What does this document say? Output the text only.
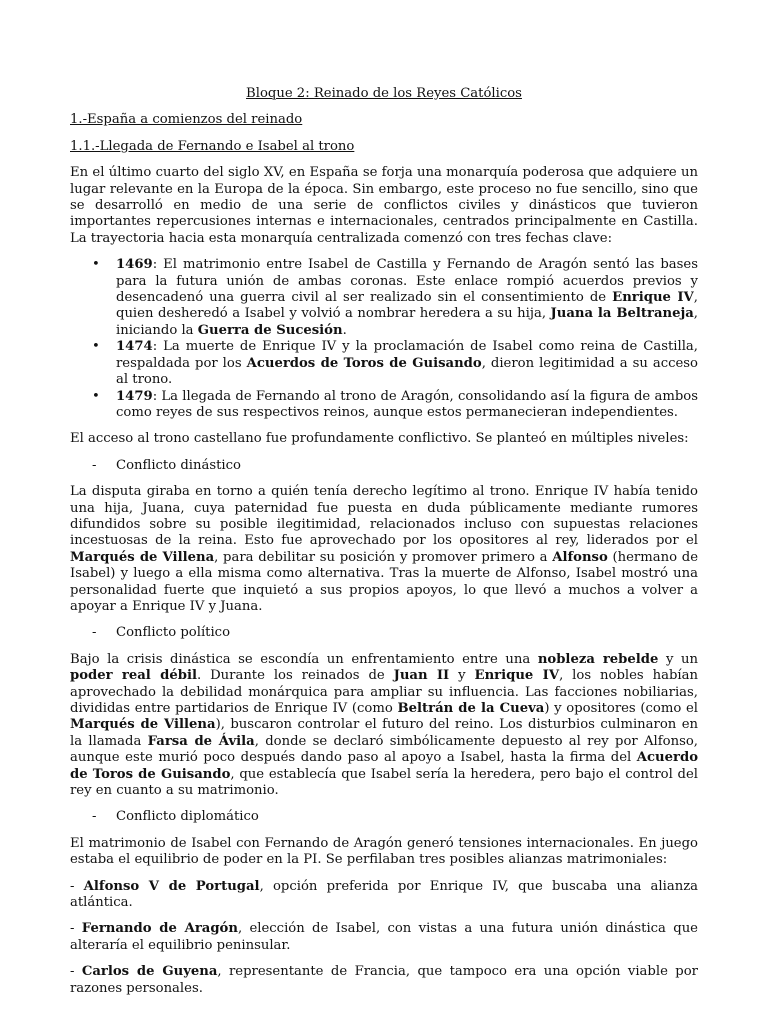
Bloque 2: Reinado de los Reyes Católicos
1.-España a comienzos del reinado
1.1.-Llegada de Fernando e Isabel al trono
En el último cuarto del siglo XV, en España se forja una monarquía poderosa que adquiere un lugar relevante en la Europa de la época. Sin embargo, este proceso no fue sencillo, sino que se desarrolló en medio de una serie de conflictos civiles y dinásticos que tuvieron importantes repercusiones internas e internacionales, centrados principalmente en Castilla. La trayectoria hacia esta monarquía centralizada comenzó con tres fechas clave:
• 1469: El matrimonio entre Isabel de Castilla y Fernando de Aragón sentó las bases para la futura unión de ambas coronas. Este enlace rompió acuerdos previos y desencadenó una guerra civil al ser realizado sin el consentimiento de Enrique IV, quien desheredó a Isabel y volvió a nombrar heredera a su hija, Juana la Beltraneja, iniciando la Guerra de Sucesión.
• 1474: La muerte de Enrique IV y la proclamación de Isabel como reina de Castilla, respaldada por los Acuerdos de Toros de Guisando, dieron legitimidad a su acceso al trono.
• 1479: La llegada de Fernando al trono de Aragón, consolidando así la figura de ambos como reyes de sus respectivos reinos, aunque estos permanecieran independientes.
El acceso al trono castellano fue profundamente conflictivo. Se planteó en múltiples niveles:
-	Conflicto dinástico
La disputa giraba en torno a quién tenía derecho legítimo al trono. Enrique IV había tenido una hija, Juana, cuya paternidad fue puesta en duda públicamente mediante rumores difundidos sobre su posible ilegitimidad, relacionados incluso con supuestas relaciones incestuosas de la reina. Esto fue aprovechado por los opositores al rey, liderados por el Marqués de Villena, para debilitar su posición y promover primero a Alfonso (hermano de Isabel) y luego a ella misma como alternativa. Tras la muerte de Alfonso, Isabel mostró una personalidad fuerte que inquietó a sus propios apoyos, lo que llevó a muchos a volver a apoyar a Enrique IV y Juana.
-	Conflicto político
Bajo la crisis dinástica se escondía un enfrentamiento entre una nobleza rebelde y un poder real débil. Durante los reinados de Juan II y Enrique IV, los nobles habían aprovechado la debilidad monárquica para ampliar su influencia. Las facciones nobiliarias, divididas entre partidarios de Enrique IV (como Beltrán de la Cueva) y opositores (como el Marqués de Villena), buscaron controlar el futuro del reino. Los disturbios culminaron en la llamada Farsa de Ávila, donde se declaró simbólicamente depuesto al rey por Alfonso, aunque este murió poco después dando paso al apoyo a Isabel, hasta la firma del Acuerdo de Toros de Guisando, que establecía que Isabel sería la heredera, pero bajo el control del rey en cuanto a su matrimonio.
-	Conflicto diplomático
El matrimonio de Isabel con Fernando de Aragón generó tensiones internacionales. En juego estaba el equilibrio de poder en la PI. Se perfilaban tres posibles alianzas matrimoniales:
- Alfonso V de Portugal, opción preferida por Enrique IV, que buscaba una alianza atlántica.
- Fernando de Aragón, elección de Isabel, con vistas a una futura unión dinástica que alteraría el equilibrio peninsular.
- Carlos de Guyena, representante de Francia, que tampoco era una opción viable por razones personales.
